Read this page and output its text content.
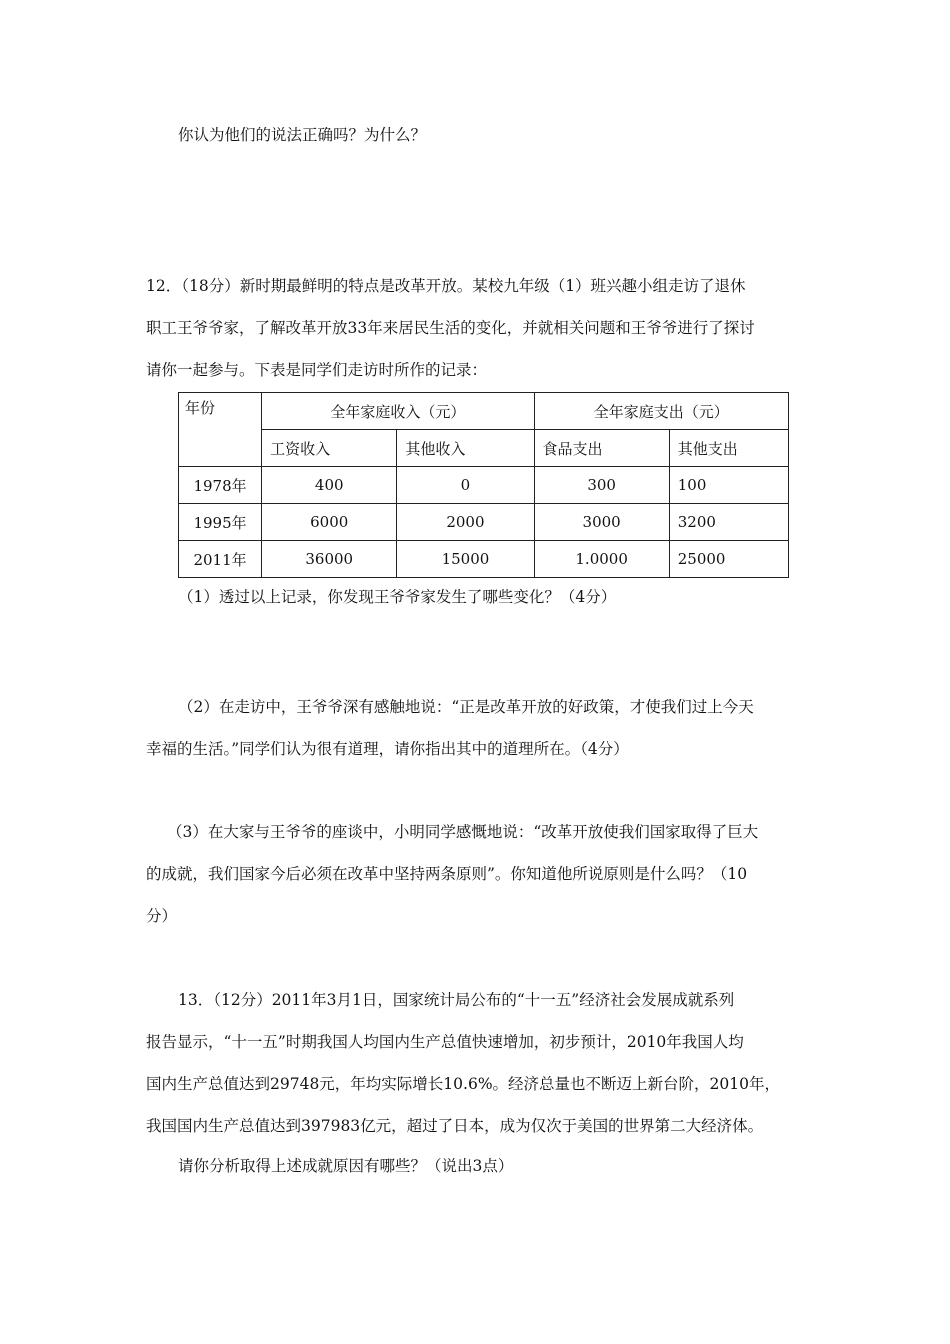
你认为他们的说法正确吗？为什么？
12．（18分）新时期最鲜明的特点是改革开放。某校九年级（1）班兴趣小组走访了退休
职工王爷爷家，了解改革开放33年来居民生活的变化，并就相关问题和王爷爷进行了探讨
请你一起参与。下表是同学们走访时所作的记录：
年份	全年家庭收入（元）		全年家庭支出（元）	
	工资收入	其他收入	食品支出	其他支出
1978年	400	0	300	100
1995年	6000	2000	3000	3200
2011年	36000	15000	1.0000	25000
（1）透过以上记录，你发现王爷爷家发生了哪些变化？（4分）
（2）在走访中，王爷爷深有感触地说：“正是改革开放的好政策，才使我们过上今天
幸福的生活。”同学们认为很有道理，请你指出其中的道理所在。（4分）
（3）在大家与王爷爷的座谈中，小明同学感慨地说：“改革开放使我们国家取得了巨大
的成就，我们国家今后必须在改革中坚持两条原则”。你知道他所说原则是什么吗？（10
分）
13．（12分）2011年3月1日，国家统计局公布的“十一五”经济社会发展成就系列
报告显示，“十一五”时期我国人均国内生产总值快速增加，初步预计，2010年我国人均
国内生产总值达到29748元，年均实际增长10.6%。经济总量也不断迈上新台阶，2010年，
我国国内生产总值达到397983亿元，超过了日本，成为仅次于美国的世界第二大经济体。
请你分析取得上述成就原因有哪些？（说出3点）
